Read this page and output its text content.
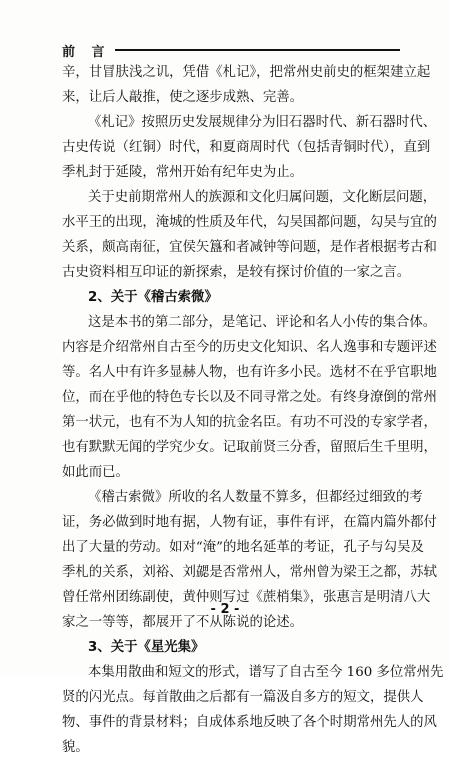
前 言
辛，甘冒肤浅之讥，凭借《札记》，把常州史前史的框架建立起
来，让后人敲推，使之逐步成熟、完善。
《札记》按照历史发展规律分为旧石器时代、新石器时代、
古史传说（红铜）时代，和夏商周时代（包括青铜时代），直到
季札封于延陵，常州开始有纪年史为止。
关于史前期常州人的族源和文化归属问题，文化断层问题，
水平王的出现，淹城的性质及年代，勾吴国都问题，勾吴与宜的
关系，颇高南征，宜侯矢簋和者减钟等问题，是作者根据考古和
古史资料相互印证的新探索，是较有探讨价值的一家之言。
2、关于《稽古索微》
这是本书的第二部分，是笔记、评论和名人小传的集合体。
内容是介绍常州自古至今的历史文化知识、名人逸事和专题评述
等。名人中有许多显赫人物，也有许多小民。选材不在乎官职地
位，而在乎他的特色专长以及不同寻常之处。有终身潦倒的常州
第一状元，也有不为人知的抗金名臣。有功不可没的专家学者，
也有默默无闻的学究少女。记取前贤三分香，留照后生千里明，
如此而已。
《稽古索微》所收的名人数量不算多，但都经过细致的考
证，务必做到时地有据，人物有证，事件有评，在篇内篇外都付
出了大量的劳动。如对“淹”的地名延革的考证，孔子与勾吴及
季札的关系，刘裕、刘勰是否常州人，常州曾为梁王之都，苏轼
曾任常州团练副使，黄仲则写过《蔗梢集》，张惠言是明清八大
家之一等等，都展开了不从陈说的论述。
3、关于《星光集》
本集用散曲和短文的形式，谱写了自古至今 160 多位常州先
贤的闪光点。每首散曲之后都有一篇汲自多方的短文，提供人
物、事件的背景材料；自成体系地反映了各个时期常州先人的风
貌。
- 2 -
